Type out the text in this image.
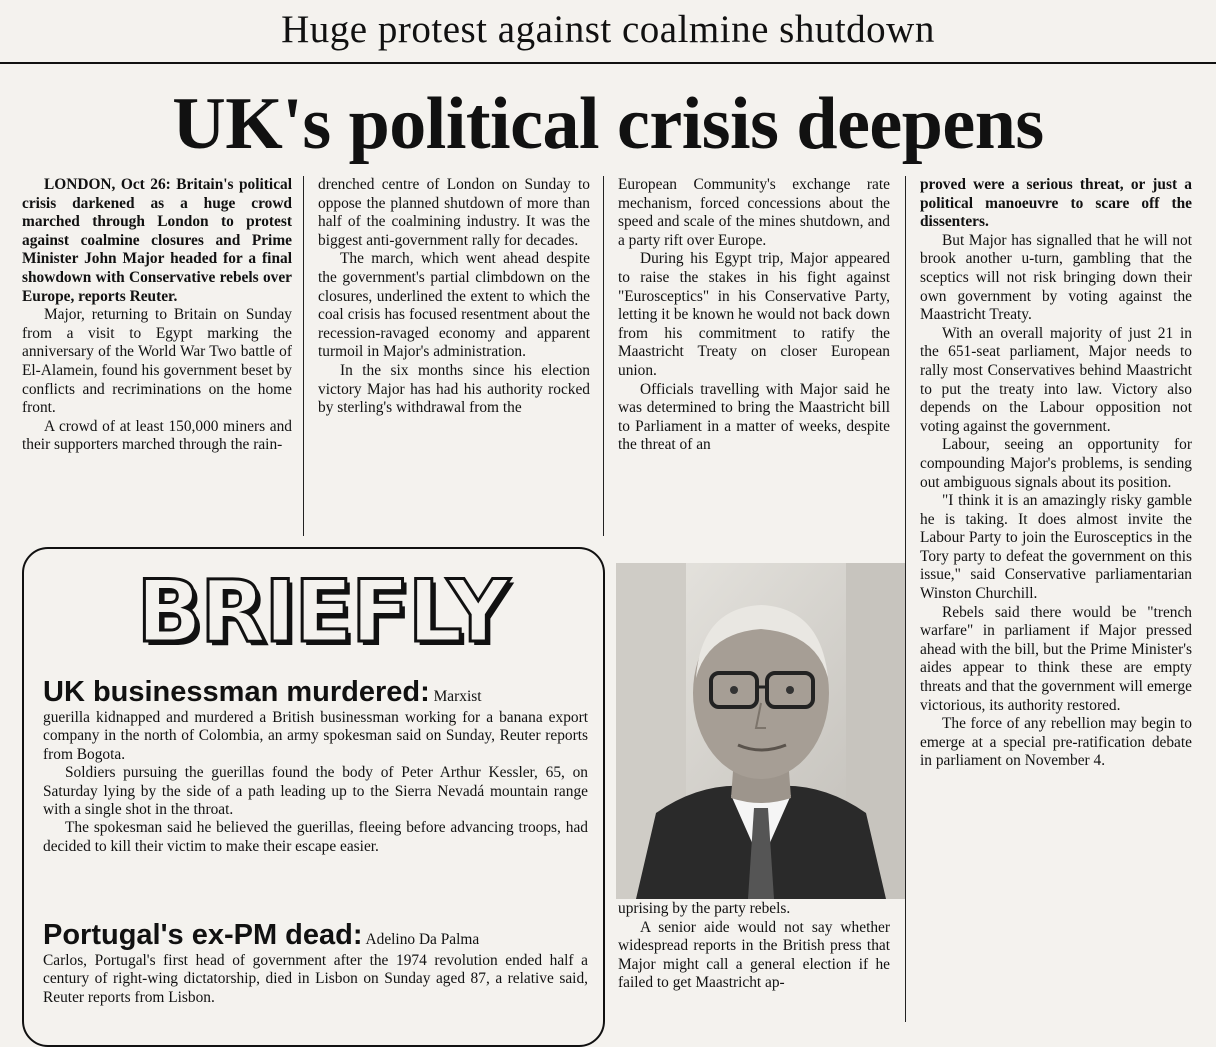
Huge protest against coalmine shutdown
UK's political crisis deepens

LONDON, Oct 26: Britain's political crisis darkened as a huge crowd marched through London to protest against coalmine closures and Prime Minister John Major headed for a final showdown with Conservative rebels over Europe, reports Reuter.

Major, returning to Britain on Sunday from a visit to Egypt marking the anniversary of the World War Two battle of El-Alamein, found his government beset by conflicts and recriminations on the home front.

A crowd of at least 150,000 miners and their supporters marched through the rain-

drenched centre of London on Sunday to oppose the planned shutdown of more than half of the coalmining industry. It was the biggest anti-government rally for decades.

The march, which went ahead despite the government's partial climbdown on the closures, underlined the extent to which the coal crisis has focused resentment about the recession-ravaged economy and apparent turmoil in Major's administration.

In the six months since his election victory Major has had his authority rocked by sterling's withdrawal from the

European Community's exchange rate mechanism, forced concessions about the speed and scale of the mines shutdown, and a party rift over Europe.

During his Egypt trip, Major appeared to raise the stakes in his fight against "Eurosceptics" in his Conservative Party, letting it be known he would not back down from his commitment to ratify the Maastricht Treaty on closer European union.

Officials travelling with Major said he was determined to bring the Maastricht bill to Parliament in a matter of weeks, despite the threat of an

uprising by the party rebels.

A senior aide would not say whether widespread reports in the British press that Major might call a general election if he failed to get Maastricht ap-

proved were a serious threat, or just a political manoeuvre to scare off the dissenters.

But Major has signalled that he will not brook another u-turn, gambling that the sceptics will not risk bringing down their own government by voting against the Maastricht Treaty.

With an overall majority of just 21 in the 651-seat parliament, Major needs to rally most Conservatives behind Maastricht to put the treaty into law. Victory also depends on the Labour opposition not voting against the government.

Labour, seeing an opportunity for compounding Major's problems, is sending out ambiguous signals about its position.

"I think it is an amazingly risky gamble he is taking. It does almost invite the Labour Party to join the Eurosceptics in the Tory party to defeat the government on this issue," said Conservative parliamentarian Winston Churchill.

Rebels said there would be "trench warfare" in parliament if Major pressed ahead with the bill, but the Prime Minister's aides appear to think these are empty threats and that the government will emerge victorious, its authority restored.

The force of any rebellion may begin to emerge at a special pre-ratification debate in parliament on November 4.

BRIEFLY

UK businessman murdered: Marxist

guerilla kidnapped and murdered a British businessman working for a banana export company in the north of Colombia, an army spokesman said on Sunday, Reuter reports from Bogota.

Soldiers pursuing the guerillas found the body of Peter Arthur Kessler, 65, on Saturday lying by the side of a path leading up to the Sierra Nevadá mountain range with a single shot in the throat.

The spokesman said he believed the guerillas, fleeing before advancing troops, had decided to kill their victim to make their escape easier.

Portugal's ex-PM dead: Adelino Da Palma

Carlos, Portugal's first head of government after the 1974 revolution ended half a century of right-wing dictatorship, died in Lisbon on Sunday aged 87, a relative said, Reuter reports from Lisbon.
